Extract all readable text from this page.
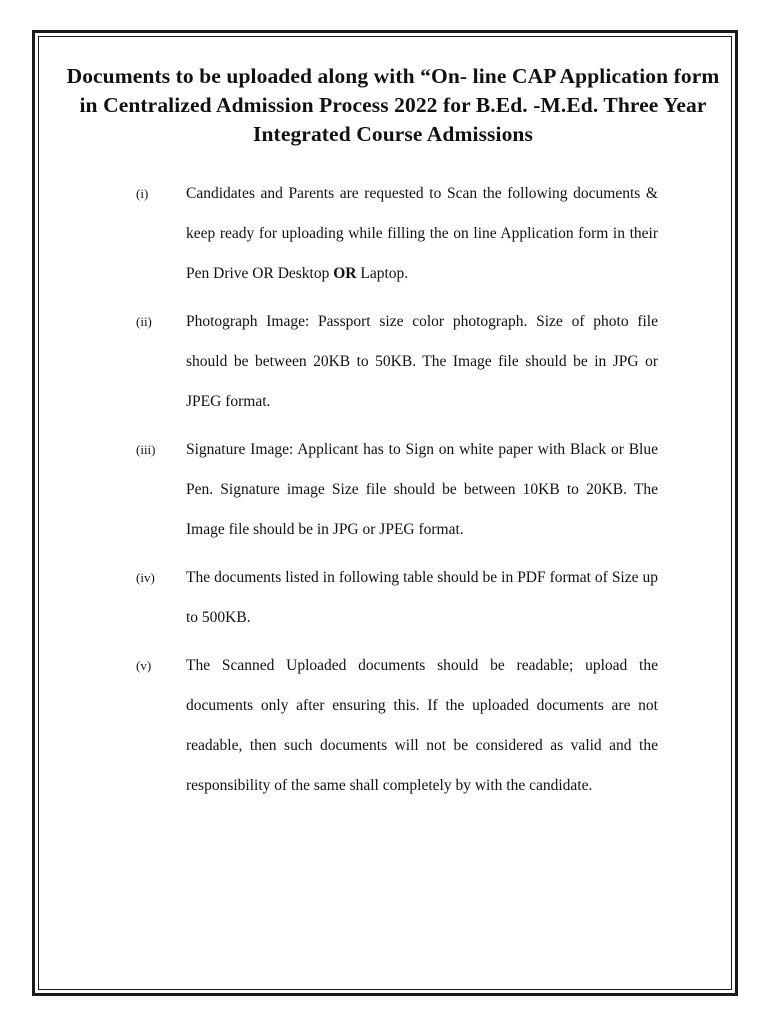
Documents to be uploaded along with “On- line CAP Application form in Centralized Admission Process 2022 for B.Ed. -M.Ed. Three Year Integrated Course Admissions
(i) Candidates and Parents are requested to Scan the following documents & keep ready for uploading while filling the on line Application form in their Pen Drive OR Desktop OR Laptop.
(ii) Photograph Image: Passport size color photograph. Size of photo file should be between 20KB to 50KB. The Image file should be in JPG or JPEG format.
(iii) Signature Image: Applicant has to Sign on white paper with Black or Blue Pen. Signature image Size file should be between 10KB to 20KB. The Image file should be in JPG or JPEG format.
(iv) The documents listed in following table should be in PDF format of Size up to 500KB.
(v) The Scanned Uploaded documents should be readable; upload the documents only after ensuring this. If the uploaded documents are not readable, then such documents will not be considered as valid and the responsibility of the same shall completely by with the candidate.
